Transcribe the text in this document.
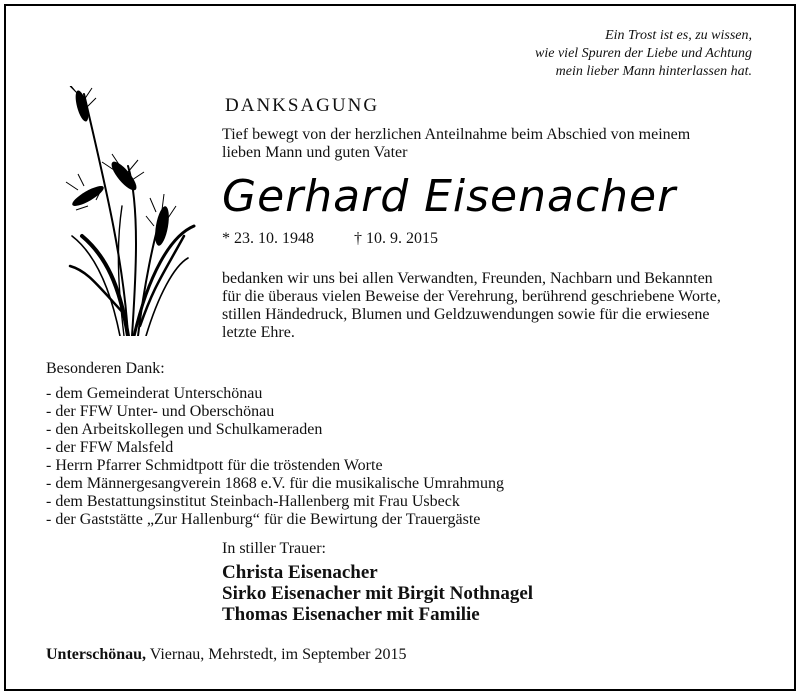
Ein Trost ist es, zu wissen,
wie viel Spuren der Liebe und Achtung
mein lieber Mann hinterlassen hat.
DANKSAGUNG
Tief bewegt von der herzlichen Anteilnahme beim Abschied von meinem
lieben Mann und guten Vater
Gerhard Eisenacher
* 23. 10. 1948	† 10. 9. 2015
bedanken wir uns bei allen Verwandten, Freunden, Nachbarn und Bekannten
für die überaus vielen Beweise der Verehrung, berührend geschriebene Worte,
stillen Händedruck, Blumen und Geldzuwendungen sowie für die erwiesene
letzte Ehre.
Besonderen Dank:
- dem Gemeinderat Unterschönau
- der FFW Unter- und Oberschönau
- den Arbeitskollegen und Schulkameraden
- der FFW Malsfeld
- Herrn Pfarrer Schmidtpott für die tröstenden Worte
- dem Männergesangverein 1868 e.V. für die musikalische Umrahmung
- dem Bestattungsinstitut Steinbach-Hallenberg mit Frau Usbeck
- der Gaststätte „Zur Hallenburg“ für die Bewirtung der Trauergäste
In stiller Trauer:
Christa Eisenacher
Sirko Eisenacher mit Birgit Nothnagel
Thomas Eisenacher mit Familie
Unterschönau, Viernau, Mehrstedt, im September 2015
